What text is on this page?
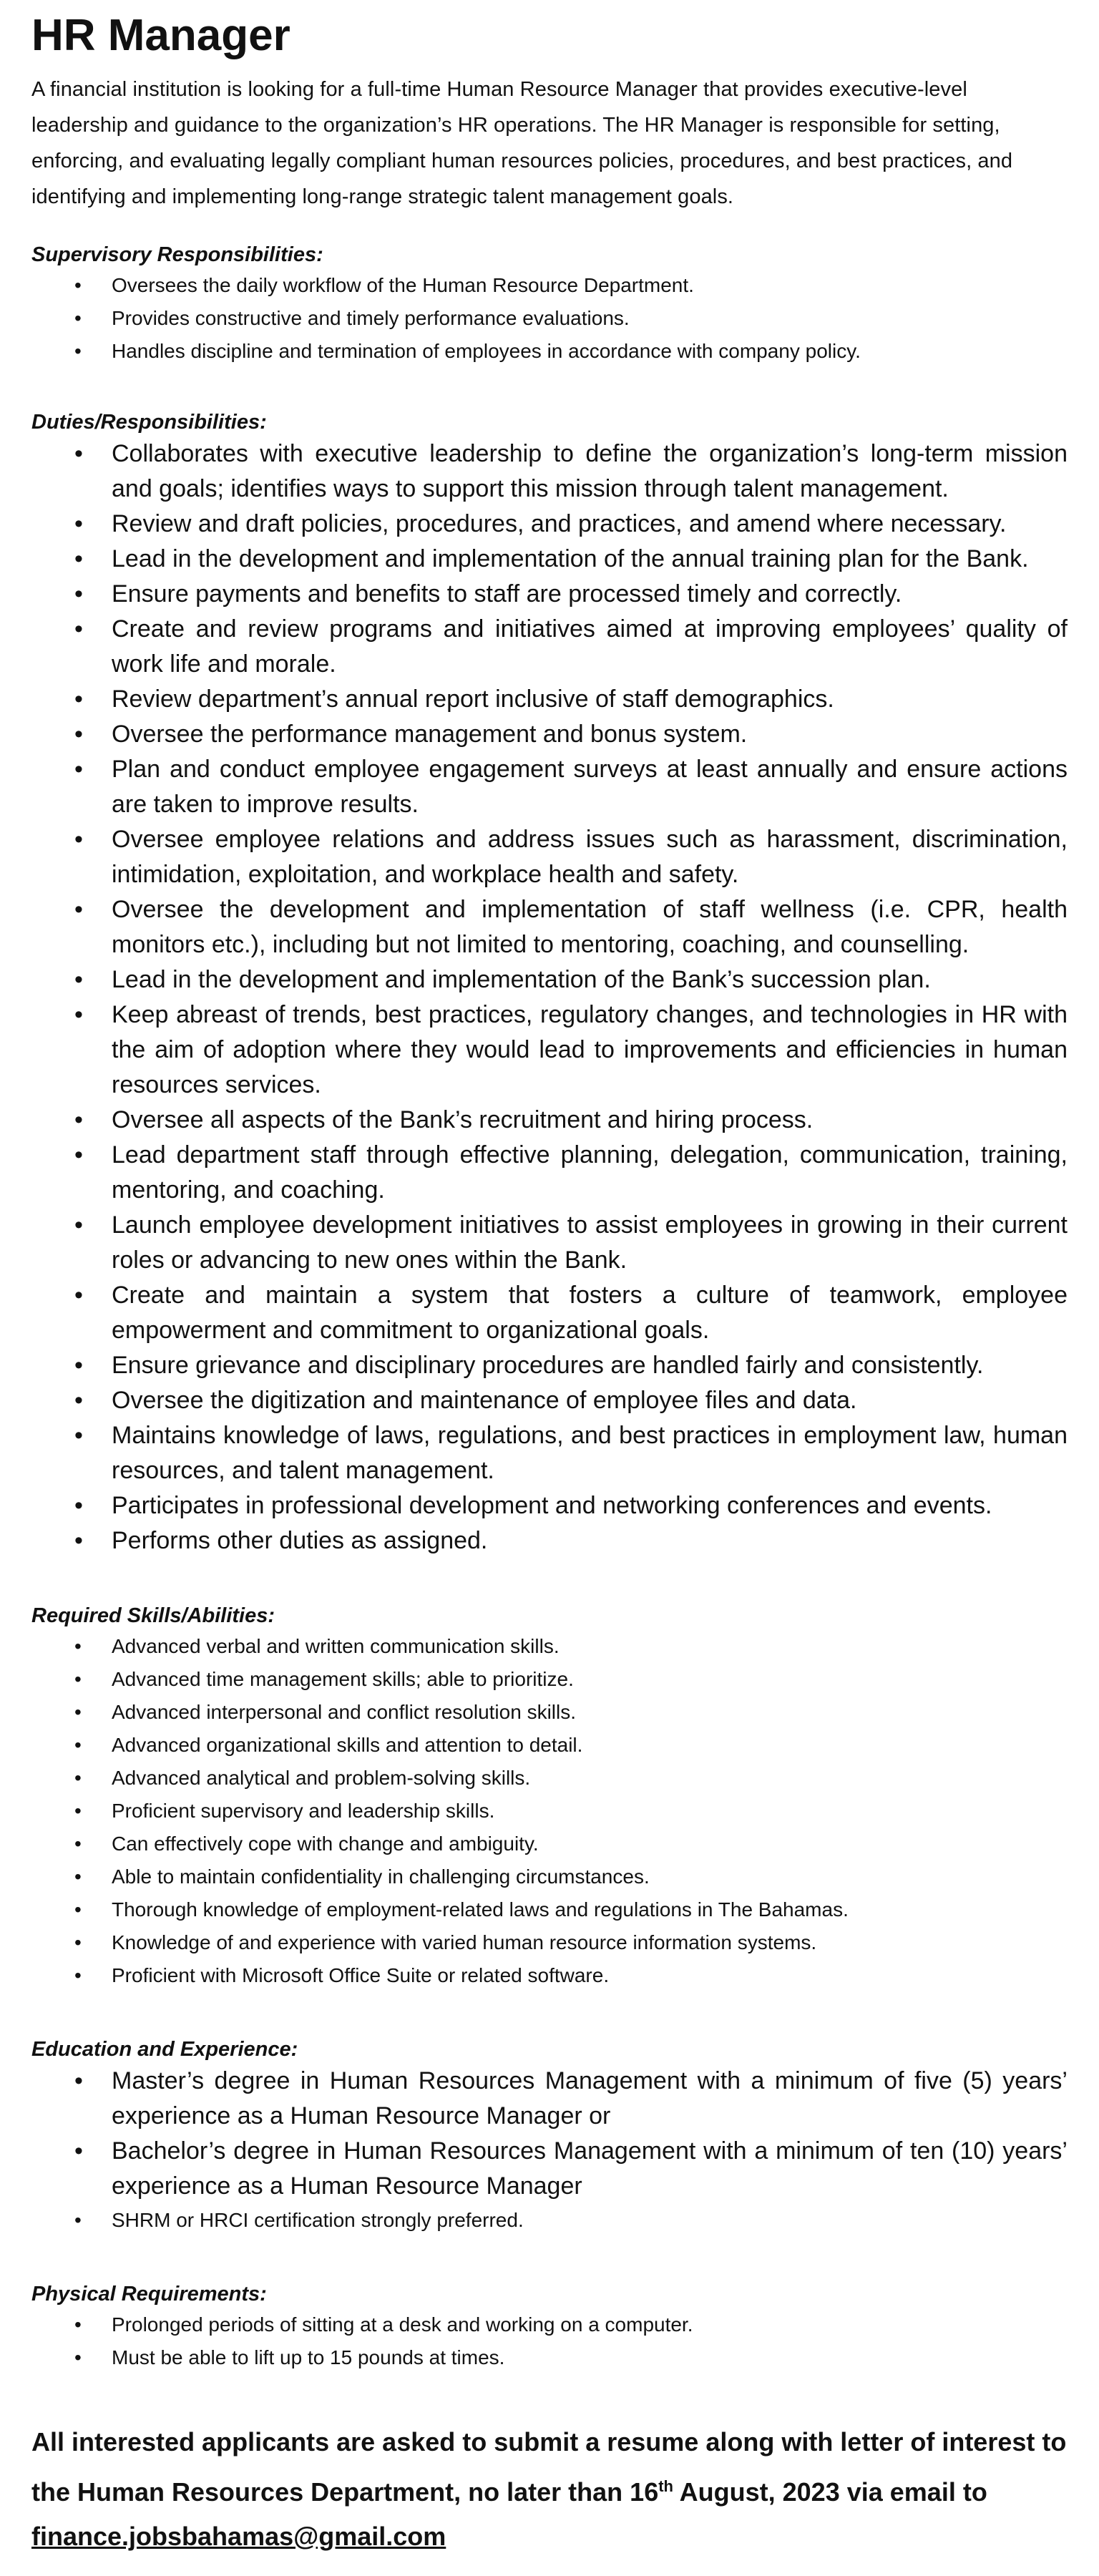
HR Manager

A financial institution is looking for a full-time Human Resource Manager that provides executive-level leadership and guidance to the organization’s HR operations. The HR Manager is responsible for setting, enforcing, and evaluating legally compliant human resources policies, procedures, and best practices, and identifying and implementing long-range strategic talent management goals.

Supervisory Responsibilities:

• Oversees the daily workflow of the Human Resource Department.
• Provides constructive and timely performance evaluations.
• Handles discipline and termination of employees in accordance with company policy.

Duties/Responsibilities:

• Collaborates with executive leadership to define the organization’s long-term mission and goals; identifies ways to support this mission through talent management.
• Review and draft policies, procedures, and practices, and amend where necessary.
• Lead in the development and implementation of the annual training plan for the Bank.
• Ensure payments and benefits to staff are processed timely and correctly.
• Create and review programs and initiatives aimed at improving employees’ quality of work life and morale.
• Review department’s annual report inclusive of staff demographics.
• Oversee the performance management and bonus system.
• Plan and conduct employee engagement surveys at least annually and ensure actions are taken to improve results.
• Oversee employee relations and address issues such as harassment, discrimination, intimidation, exploitation, and workplace health and safety.
• Oversee the development and implementation of staff wellness (i.e. CPR, health monitors etc.), including but not limited to mentoring, coaching, and counselling.
• Lead in the development and implementation of the Bank’s succession plan.
• Keep abreast of trends, best practices, regulatory changes, and technologies in HR with the aim of adoption where they would lead to improvements and efficiencies in human resources services.
• Oversee all aspects of the Bank’s recruitment and hiring process.
• Lead department staff through effective planning, delegation, communication, training, mentoring, and coaching.
• Launch employee development initiatives to assist employees in growing in their current roles or advancing to new ones within the Bank.
• Create and maintain a system that fosters a culture of teamwork, employee empowerment and commitment to organizational goals.
• Ensure grievance and disciplinary procedures are handled fairly and consistently.
• Oversee the digitization and maintenance of employee files and data.
• Maintains knowledge of laws, regulations, and best practices in employment law, human resources, and talent management.
• Participates in professional development and networking conferences and events.
• Performs other duties as assigned.

Required Skills/Abilities:

• Advanced verbal and written communication skills.
• Advanced time management skills; able to prioritize.
• Advanced interpersonal and conflict resolution skills.
• Advanced organizational skills and attention to detail.
• Advanced analytical and problem-solving skills.
• Proficient supervisory and leadership skills.
• Can effectively cope with change and ambiguity.
• Able to maintain confidentiality in challenging circumstances.
• Thorough knowledge of employment-related laws and regulations in The Bahamas.
• Knowledge of and experience with varied human resource information systems.
• Proficient with Microsoft Office Suite or related software.

Education and Experience:

• Master’s degree in Human Resources Management with a minimum of five (5) years’ experience as a Human Resource Manager or
• Bachelor’s degree in Human Resources Management with a minimum of ten (10) years’ experience as a Human Resource Manager
• SHRM or HRCI certification strongly preferred.

Physical Requirements:

• Prolonged periods of sitting at a desk and working on a computer.
• Must be able to lift up to 15 pounds at times.

All interested applicants are asked to submit a resume along with letter of interest to the Human Resources Department, no later than 16th August, 2023 via email to finance.jobsbahamas@gmail.com
